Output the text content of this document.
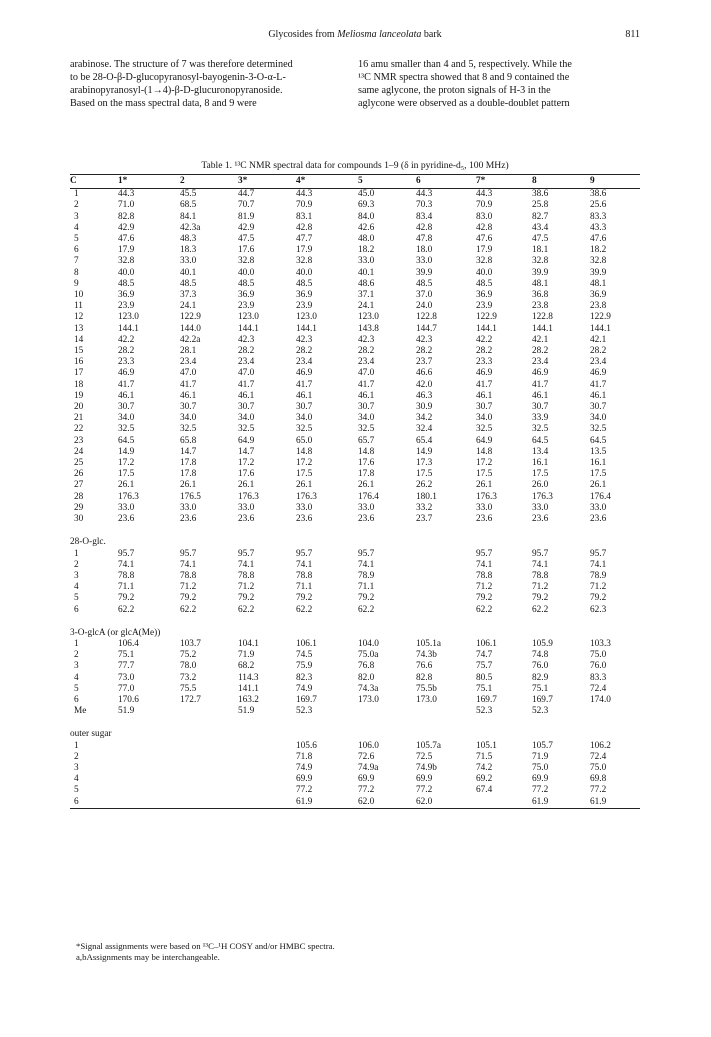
Glycosides from Meliosma lanceolata bark	811
arabinose. The structure of 7 was therefore determined
to be 28-O-β-D-glucopyranosyl-bayogenin-3-O-α-L-
arabinopyranosyl-(1→4)-β-D-glucuronopyranoside.
Based on the mass spectral data, 8 and 9 were
16 amu smaller than 4 and 5, respectively. While the
¹³C NMR spectra showed that 8 and 9 contained the
same aglycone, the proton signals of H-3 in the
aglycone were observed as a double-doublet pattern
Table 1. ¹³C NMR spectral data for compounds 1–9 (δ in pyridine-d₅, 100 MHz)
C	1*	2	3*	4*	5	6	7*	8	9
1	44.3	45.5	44.7	44.3	45.0	44.3	44.3	38.6	38.6
2	71.0	68.5	70.7	70.9	69.3	70.3	70.9	25.8	25.6
3	82.8	84.1	81.9	83.1	84.0	83.4	83.0	82.7	83.3
4	42.9	42.3a	42.9	42.8	42.6	42.8	42.8	43.4	43.3
5	47.6	48.3	47.5	47.7	48.0	47.8	47.6	47.5	47.6
6	17.9	18.3	17.6	17.9	18.2	18.0	17.9	18.1	18.2
7	32.8	33.0	32.8	32.8	33.0	33.0	32.8	32.8	32.8
8	40.0	40.1	40.0	40.0	40.1	39.9	40.0	39.9	39.9
9	48.5	48.5	48.5	48.5	48.6	48.5	48.5	48.1	48.1
10	36.9	37.3	36.9	36.9	37.1	37.0	36.9	36.8	36.9
11	23.9	24.1	23.9	23.9	24.1	24.0	23.9	23.8	23.8
12	123.0	122.9	123.0	123.0	123.0	122.8	122.9	122.8	122.9
13	144.1	144.0	144.1	144.1	143.8	144.7	144.1	144.1	144.1
14	42.2	42.2a	42.3	42.3	42.3	42.3	42.2	42.1	42.1
15	28.2	28.1	28.2	28.2	28.2	28.2	28.2	28.2	28.2
16	23.3	23.4	23.4	23.4	23.4	23.7	23.3	23.4	23.4
17	46.9	47.0	47.0	46.9	47.0	46.6	46.9	46.9	46.9
18	41.7	41.7	41.7	41.7	41.7	42.0	41.7	41.7	41.7
19	46.1	46.1	46.1	46.1	46.1	46.3	46.1	46.1	46.1
20	30.7	30.7	30.7	30.7	30.7	30.9	30.7	30.7	30.7
21	34.0	34.0	34.0	34.0	34.0	34.2	34.0	33.9	34.0
22	32.5	32.5	32.5	32.5	32.5	32.4	32.5	32.5	32.5
23	64.5	65.8	64.9	65.0	65.7	65.4	64.9	64.5	64.5
24	14.9	14.7	14.7	14.8	14.8	14.9	14.8	13.4	13.5
25	17.2	17.8	17.2	17.2	17.6	17.3	17.2	16.1	16.1
26	17.5	17.8	17.6	17.5	17.8	17.5	17.5	17.5	17.5
27	26.1	26.1	26.1	26.1	26.1	26.2	26.1	26.0	26.1
28	176.3	176.5	176.3	176.3	176.4	180.1	176.3	176.3	176.4
29	33.0	33.0	33.0	33.0	33.0	33.2	33.0	33.0	33.0
30	23.6	23.6	23.6	23.6	23.6	23.7	23.6	23.6	23.6
28-O-glc.									
1	95.7	95.7	95.7	95.7	95.7		95.7	95.7	95.7
2	74.1	74.1	74.1	74.1	74.1		74.1	74.1	74.1
3	78.8	78.8	78.8	78.8	78.9		78.8	78.8	78.9
4	71.1	71.2	71.2	71.1	71.1		71.2	71.2	71.2
5	79.2	79.2	79.2	79.2	79.2		79.2	79.2	79.2
6	62.2	62.2	62.2	62.2	62.2		62.2	62.2	62.3
3-O-glcA (or glcA(Me))									
1	106.4	103.7	104.1	106.1	104.0	105.1a	106.1	105.9	103.3
2	75.1	75.2	71.9	74.5	75.0a	74.3b	74.7	74.8	75.0
3	77.7	78.0	68.2	75.9	76.8	76.6	75.7	76.0	76.0
4	73.0	73.2	114.3	82.3	82.0	82.8	80.5	82.9	83.3
5	77.0	75.5	141.1	74.9	74.3a	75.5b	75.1	75.1	72.4
6	170.6	172.7	163.2	169.7	173.0	173.0	169.7	169.7	174.0
Me	51.9		51.9	52.3			52.3	52.3	
outer sugar									
1				105.6	106.0	105.7a	105.1	105.7	106.2
2				71.8	72.6	72.5	71.5	71.9	72.4
3				74.9	74.9a	74.9b	74.2	75.0	75.0
4				69.9	69.9	69.9	69.2	69.9	69.8
5				77.2	77.2	77.2	67.4	77.2	77.2
6				61.9	62.0	62.0		61.9	61.9
*Signal assignments were based on ¹³C–¹H COSY and/or HMBC spectra.
a,bAssignments may be interchangeable.
